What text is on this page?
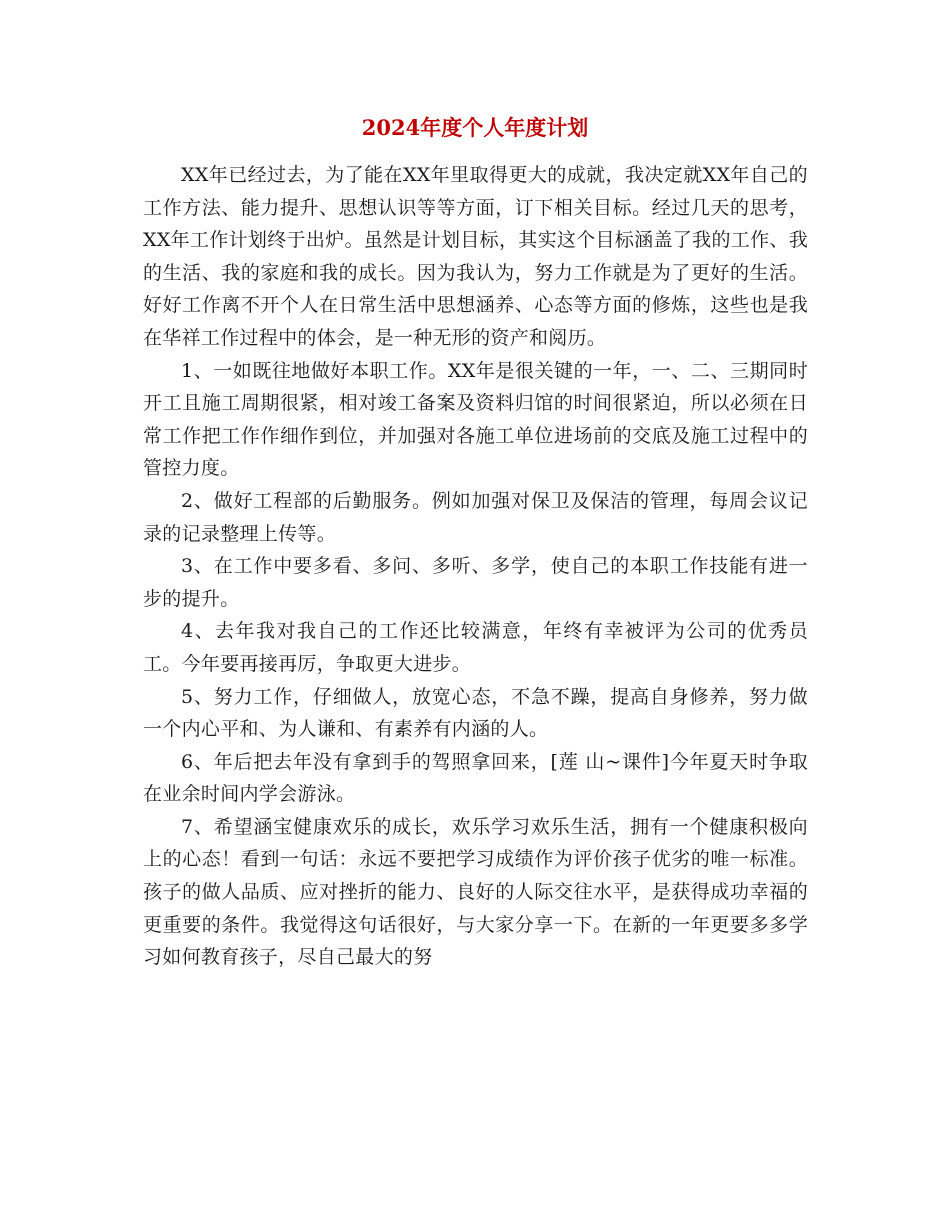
2024年度个人年度计划

XX年已经过去，为了能在XX年里取得更大的成就，我决定就XX年自己的工作方法、能力提升、思想认识等等方面，订下相关目标。经过几天的思考，XX年工作计划终于出炉。虽然是计划目标，其实这个目标涵盖了我的工作、我的生活、我的家庭和我的成长。因为我认为，努力工作就是为了更好的生活。好好工作离不开个人在日常生活中思想涵养、心态等方面的修炼，这些也是我在华祥工作过程中的体会，是一种无形的资产和阅历。

1、一如既往地做好本职工作。XX年是很关键的一年，一、二、三期同时开工且施工周期很紧，相对竣工备案及资料归馆的时间很紧迫，所以必须在日常工作把工作作细作到位，并加强对各施工单位进场前的交底及施工过程中的管控力度。

2、做好工程部的后勤服务。例如加强对保卫及保洁的管理，每周会议记录的记录整理上传等。

3、在工作中要多看、多问、多听、多学，使自己的本职工作技能有进一步的提升。

4、去年我对我自己的工作还比较满意，年终有幸被评为公司的优秀员工。今年要再接再厉，争取更大进步。

5、努力工作，仔细做人，放宽心态，不急不躁，提高自身修养，努力做一个内心平和、为人谦和、有素养有内涵的人。

6、年后把去年没有拿到手的驾照拿回来，[莲 山~课件]今年夏天时争取在业余时间内学会游泳。

7、希望涵宝健康欢乐的成长，欢乐学习欢乐生活，拥有一个健康积极向上的心态！看到一句话：永远不要把学习成绩作为评价孩子优劣的唯一标准。孩子的做人品质、应对挫折的能力、良好的人际交往水平，是获得成功幸福的更重要的条件。我觉得这句话很好，与大家分享一下。在新的一年更要多多学习如何教育孩子，尽自己最大的努
